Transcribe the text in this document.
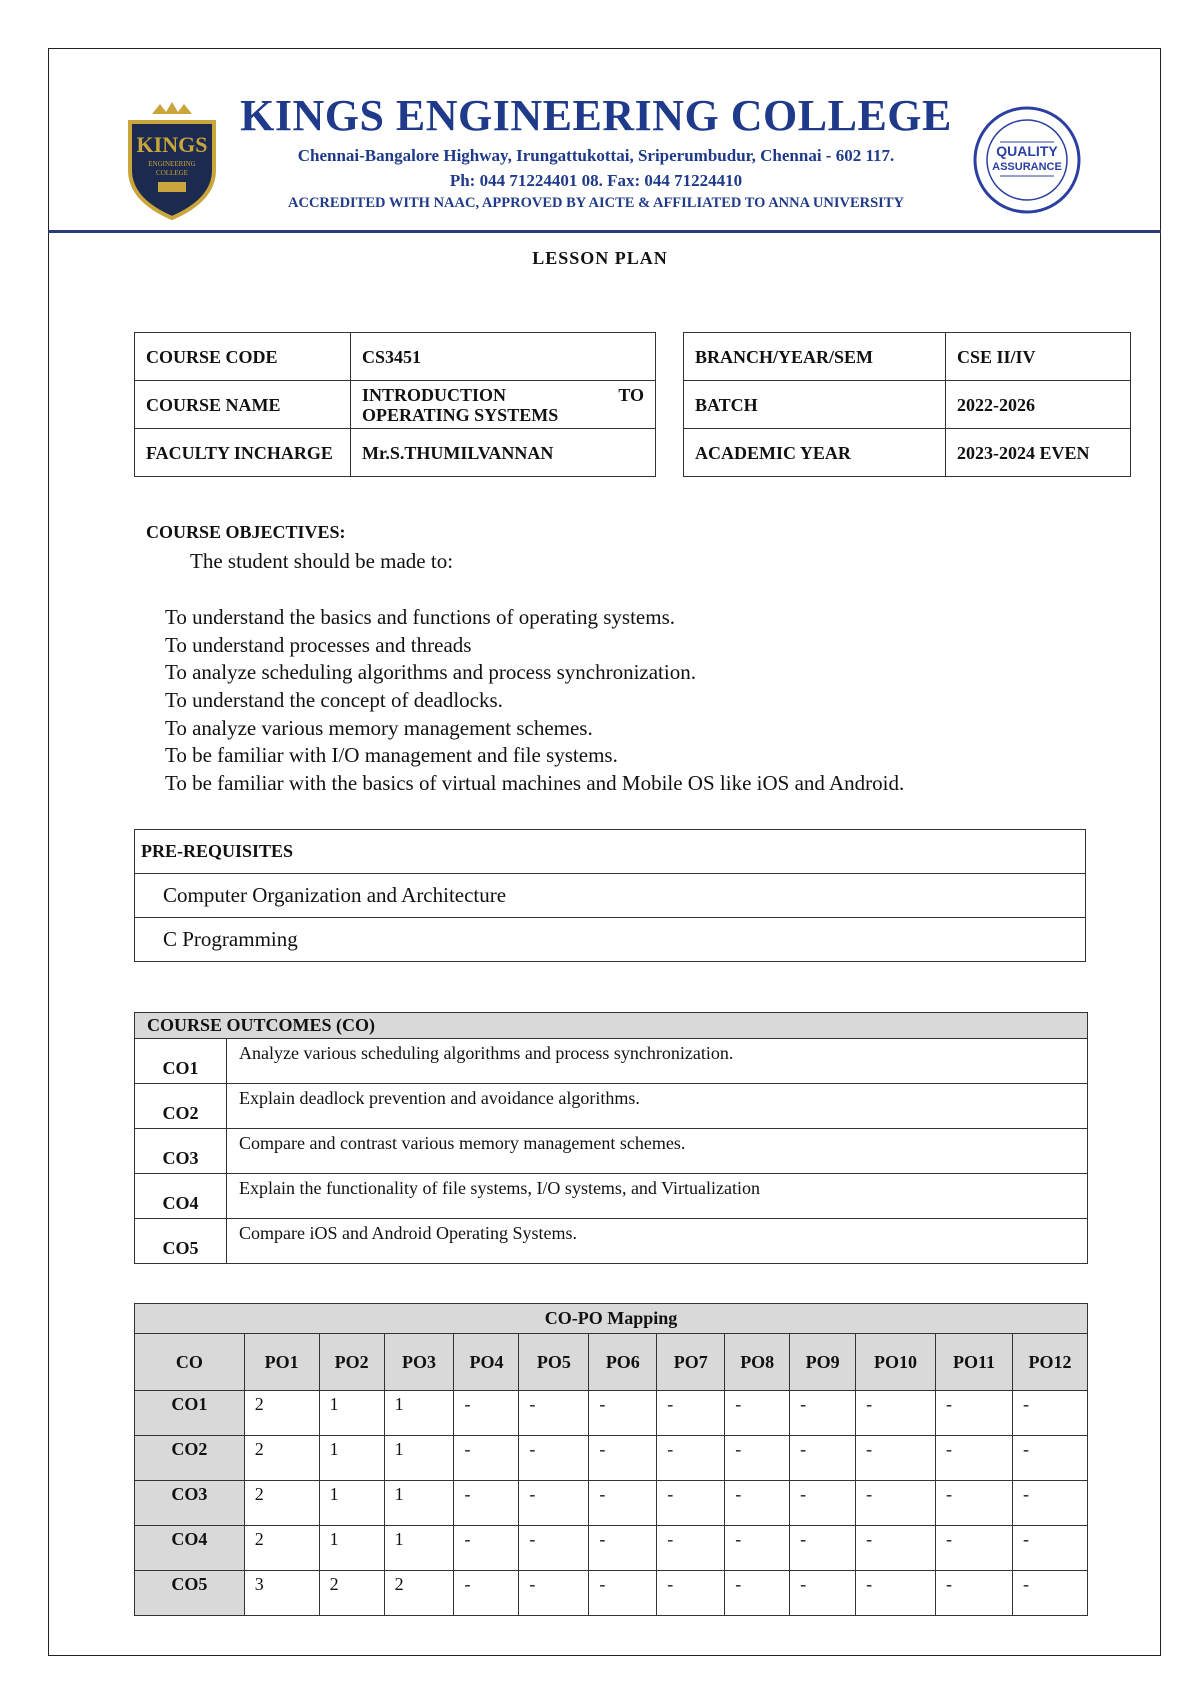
KINGS
ENGINEERING
COLLEGE
QUALITY
ASSURANCE
KINGS ENGINEERING COLLEGE
Chennai-Bangalore Highway, Irungattukottai, Sriperumbudur, Chennai - 602 117.
Ph: 044 71224401 08. Fax: 044 71224410
ACCREDITED WITH NAAC, APPROVED BY AICTE & AFFILIATED TO ANNA UNIVERSITY
LESSON PLAN
COURSE CODE	CS3451
COURSE NAME	INTRODUCTION TO OPERATING SYSTEMS
FACULTY INCHARGE	Mr.S.THUMILVANNAN
BRANCH/YEAR/SEM	CSE II/IV
BATCH	2022-2026
ACADEMIC YEAR	2023-2024 EVEN
COURSE OBJECTIVES:
The student should be made to:
To understand the basics and functions of operating systems.
To understand processes and threads
To analyze scheduling algorithms and process synchronization.
To understand the concept of deadlocks.
To analyze various memory management schemes.
To be familiar with I/O management and file systems.
To be familiar with the basics of virtual machines and Mobile OS like iOS and Android.
PRE-REQUISITES
Computer Organization and Architecture
C Programming
COURSE OUTCOMES (CO)	
CO1	Analyze various scheduling algorithms and process synchronization.
CO2	Explain deadlock prevention and avoidance algorithms.
CO3	Compare and contrast various memory management schemes.
CO4	Explain the functionality of file systems, I/O systems, and Virtualization
CO5	Compare iOS and Android Operating Systems.
CO-PO Mapping												
CO	PO1	PO2	PO3	PO4	PO5	PO6	PO7	PO8	PO9	PO10	PO11	PO12
CO1	2	1	1	-	-	-	-	-	-	-	-	-
CO2	2	1	1	-	-	-	-	-	-	-	-	-
CO3	2	1	1	-	-	-	-	-	-	-	-	-
CO4	2	1	1	-	-	-	-	-	-	-	-	-
CO5	3	2	2	-	-	-	-	-	-	-	-	-
